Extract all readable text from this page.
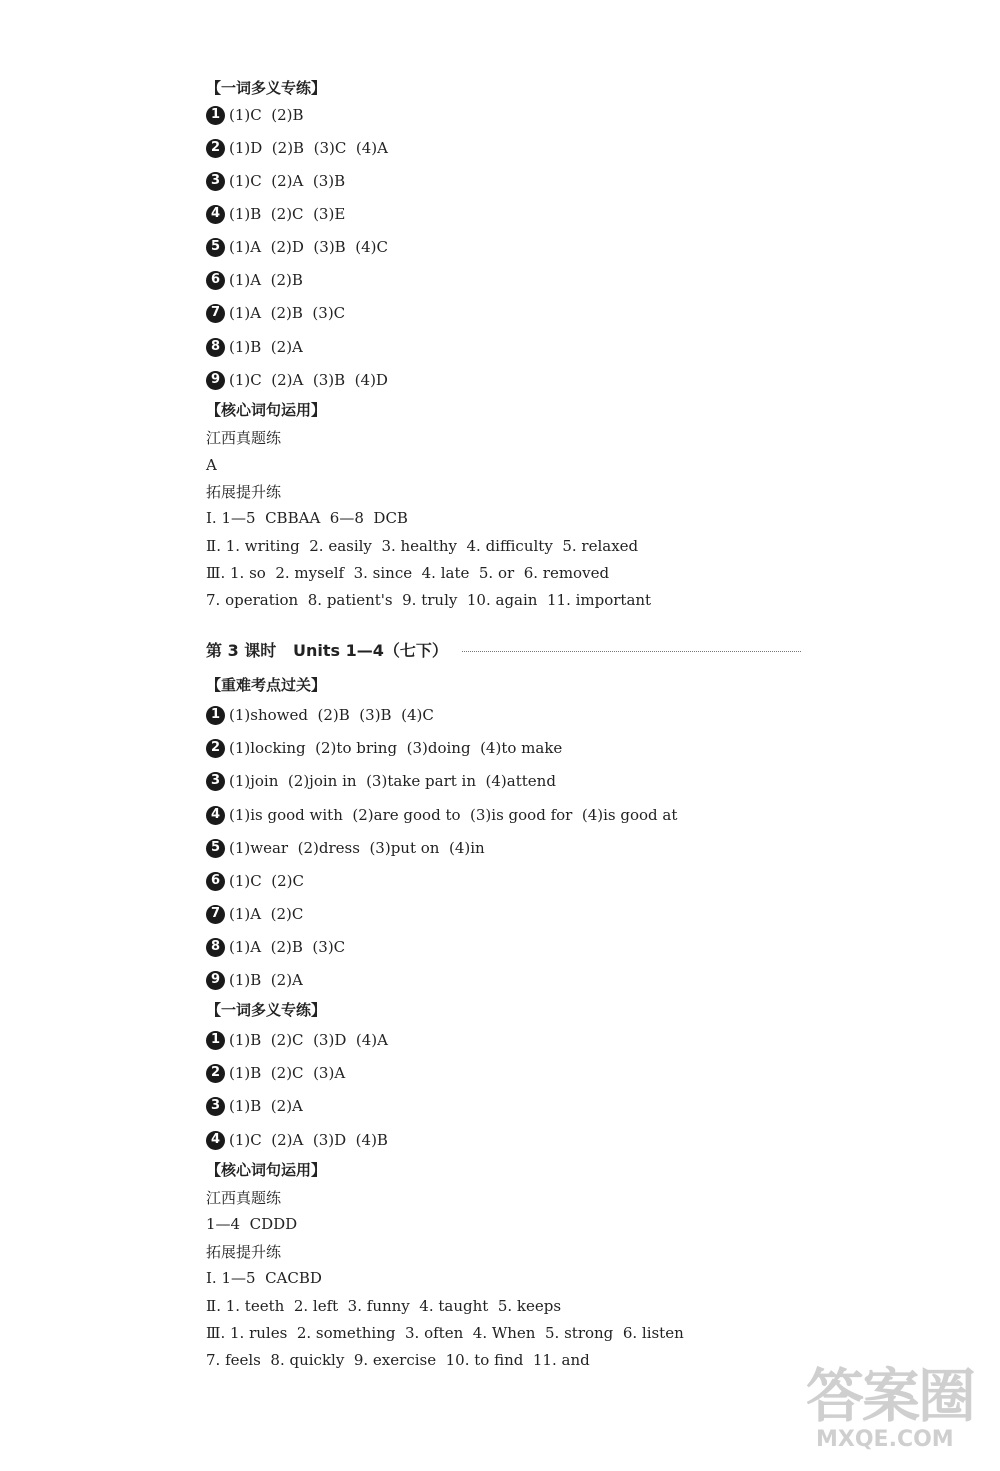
【一词多义专练】
1 (1)C  (2)B
2 (1)D  (2)B  (3)C  (4)A
3 (1)C  (2)A  (3)B
4 (1)B  (2)C  (3)E
5 (1)A  (2)D  (3)B  (4)C
6 (1)A  (2)B
7 (1)A  (2)B  (3)C
8 (1)B  (2)A
9 (1)C  (2)A  (3)B  (4)D
【核心词句运用】
江西真题练
A
拓展提升练
Ⅰ. 1—5  CBBAA  6—8  DCB
Ⅱ. 1. writing  2. easily  3. healthy  4. difficulty  5. relaxed
Ⅲ. 1. so  2. myself  3. since  4. late  5. or  6. removed
7. operation  8. patient's  9. truly  10. again  11. important
第 3 课时   Units 1—4（七下）
【重难考点过关】
1 (1)showed  (2)B  (3)B  (4)C
2 (1)locking  (2)to bring  (3)doing  (4)to make
3 (1)join  (2)join in  (3)take part in  (4)attend
4 (1)is good with  (2)are good to  (3)is good for  (4)is good at
5 (1)wear  (2)dress  (3)put on  (4)in
6 (1)C  (2)C
7 (1)A  (2)C
8 (1)A  (2)B  (3)C
9 (1)B  (2)A
【一词多义专练】
1 (1)B  (2)C  (3)D  (4)A
2 (1)B  (2)C  (3)A
3 (1)B  (2)A
4 (1)C  (2)A  (3)D  (4)B
【核心词句运用】
江西真题练
1—4  CDDD
拓展提升练
Ⅰ. 1—5  CACBD
Ⅱ. 1. teeth  2. left  3. funny  4. taught  5. keeps
Ⅲ. 1. rules  2. something  3. often  4. When  5. strong  6. listen
7. feels  8. quickly  9. exercise  10. to find  11. and
答案圈
MXQE.COM
